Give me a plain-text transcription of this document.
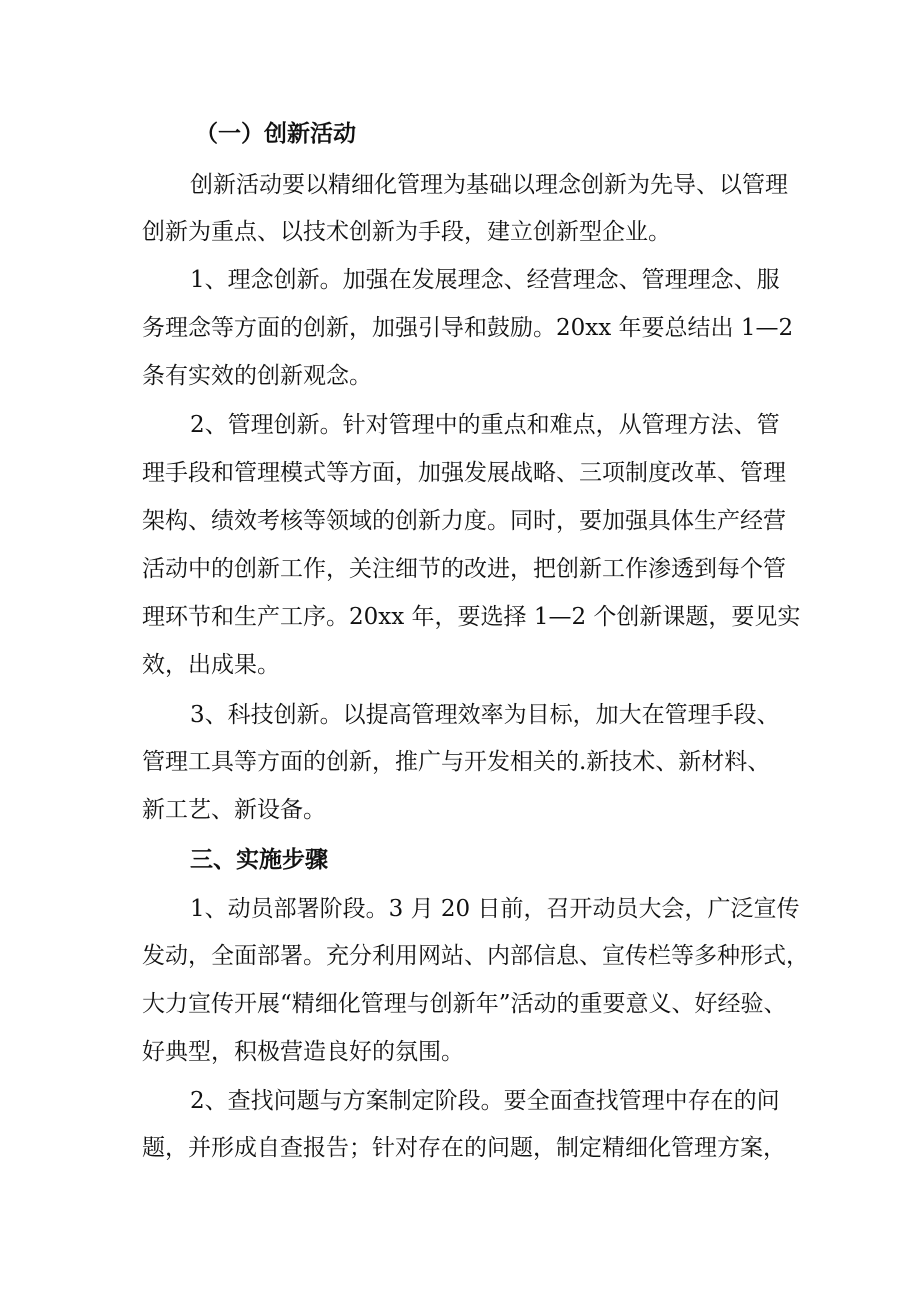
（一）创新活动
创新活动要以精细化管理为基础以理念创新为先导、以管理
创新为重点、以技术创新为手段，建立创新型企业。
1、理念创新。加强在发展理念、经营理念、管理理念、服
务理念等方面的创新，加强引导和鼓励。20xx 年要总结出 1—2
条有实效的创新观念。
2、管理创新。针对管理中的重点和难点，从管理方法、管
理手段和管理模式等方面，加强发展战略、三项制度改革、管理
架构、绩效考核等领域的创新力度。同时，要加强具体生产经营
活动中的创新工作，关注细节的改进，把创新工作渗透到每个管
理环节和生产工序。20xx 年，要选择 1—2 个创新课题，要见实
效，出成果。
3、科技创新。以提高管理效率为目标，加大在管理手段、
管理工具等方面的创新，推广与开发相关的.新技术、新材料、
新工艺、新设备。
三、实施步骤
1、动员部署阶段。3 月 20 日前，召开动员大会，广泛宣传
发动，全面部署。充分利用网站、内部信息、宣传栏等多种形式，
大力宣传开展“精细化管理与创新年”活动的重要意义、好经验、
好典型，积极营造良好的氛围。
2、查找问题与方案制定阶段。要全面查找管理中存在的问
题，并形成自查报告；针对存在的问题，制定精细化管理方案，
